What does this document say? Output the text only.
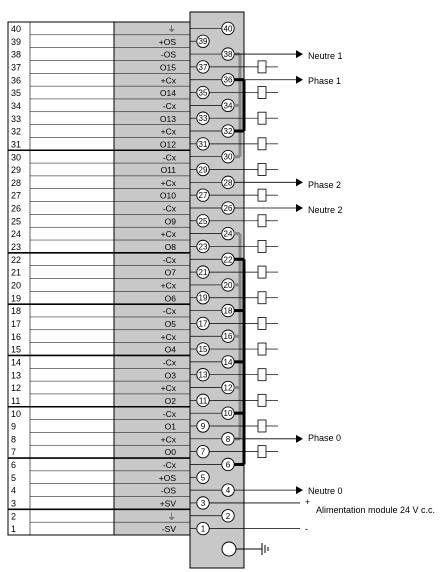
40
39
38
37
36
35
34
33
32
31
30
29
28
27
26
25
24
23
22
21
20
19
18
17
16
15
14
13
12
11
10
9
8
7
6
5
4
3
2
1
⏚
+OS
-OS
O15
+Cx
O14
-Cx
O13
+Cx
O12
-Cx
O11
+Cx
O10
-Cx
O9
+Cx
O8
-Cx
O7
+Cx
O6
-Cx
O5
+Cx
O4
-Cx
O3
+Cx
O2
-Cx
O1
+Cx
O0
-Cx
+OS
-OS
+SV
⏚
-SV
40
39
38
37
36
35
34
33
32
31
30
29
28
27
26
25
24
23
22
21
20
19
18
17
16
15
14
13
12
11
10
9
8
7
6
5
4
3
2
1
Neutre 1
Phase 1
Phase 2
Neutre 2
Phase 0
Neutre 0
+
Alimentation module 24 V c.c.
-
